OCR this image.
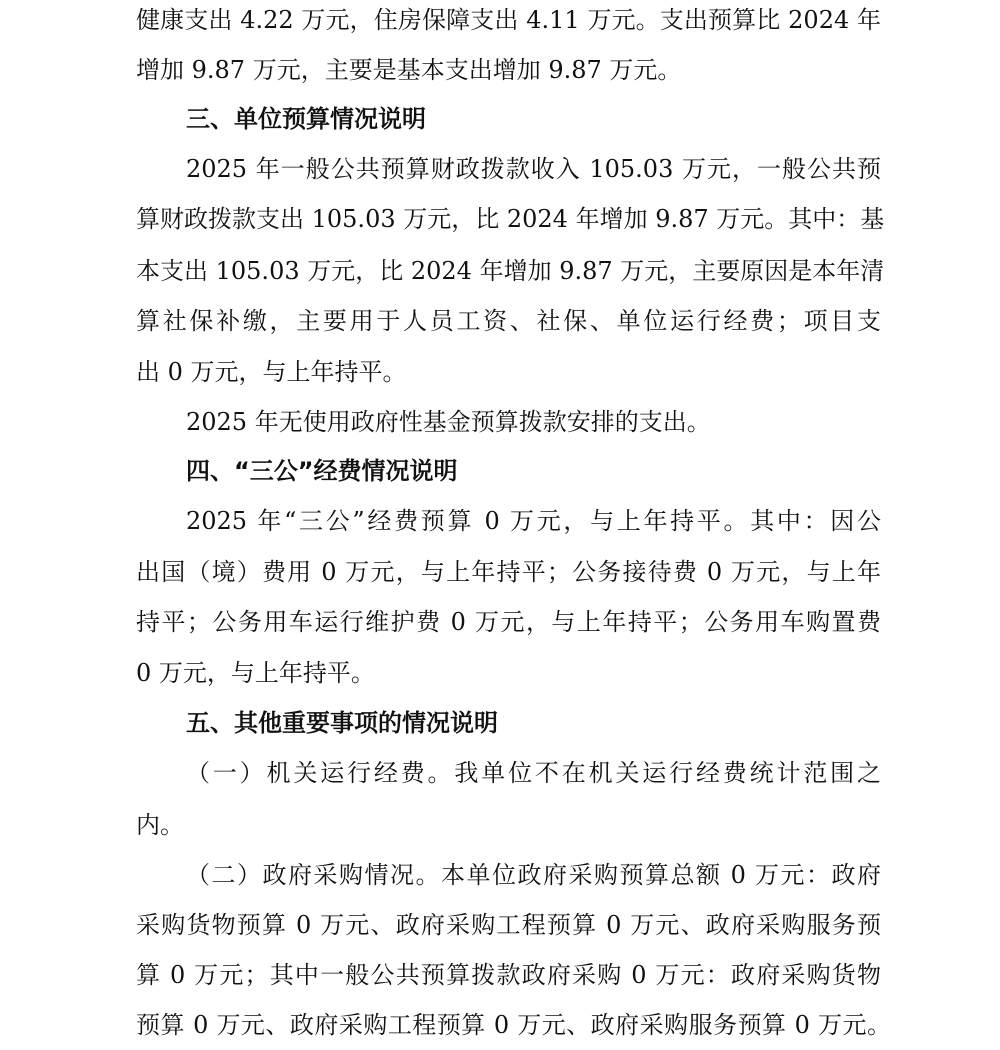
健康支出 4.22 万元，住房保障支出 4.11 万元。支出预算比 2024 年
增加 9.87 万元，主要是基本支出增加 9.87 万元。
三、单位预算情况说明
2025 年一般公共预算财政拨款收入 105.03 万元，一般公共预
算财政拨款支出 105.03 万元，比 2024 年增加 9.87 万元。其中：基
本支出 105.03 万元，比 2024 年增加 9.87 万元，主要原因是本年清
算社保补缴，主要用于人员工资、社保、单位运行经费；项目支
出 0 万元，与上年持平。
2025 年无使用政府性基金预算拨款安排的支出。
四、“三公”经费情况说明
2025 年“三公”经费预算 0 万元，与上年持平。其中：因公
出国（境）费用 0 万元，与上年持平；公务接待费 0 万元，与上年
持平；公务用车运行维护费 0 万元，与上年持平；公务用车购置费
0 万元，与上年持平。
五、其他重要事项的情况说明
（一）机关运行经费。我单位不在机关运行经费统计范围之
内。
（二）政府采购情况。本单位政府采购预算总额 0 万元：政府
采购货物预算 0 万元、政府采购工程预算 0 万元、政府采购服务预
算 0 万元；其中一般公共预算拨款政府采购 0 万元：政府采购货物
预算 0 万元、政府采购工程预算 0 万元、政府采购服务预算 0 万元。
